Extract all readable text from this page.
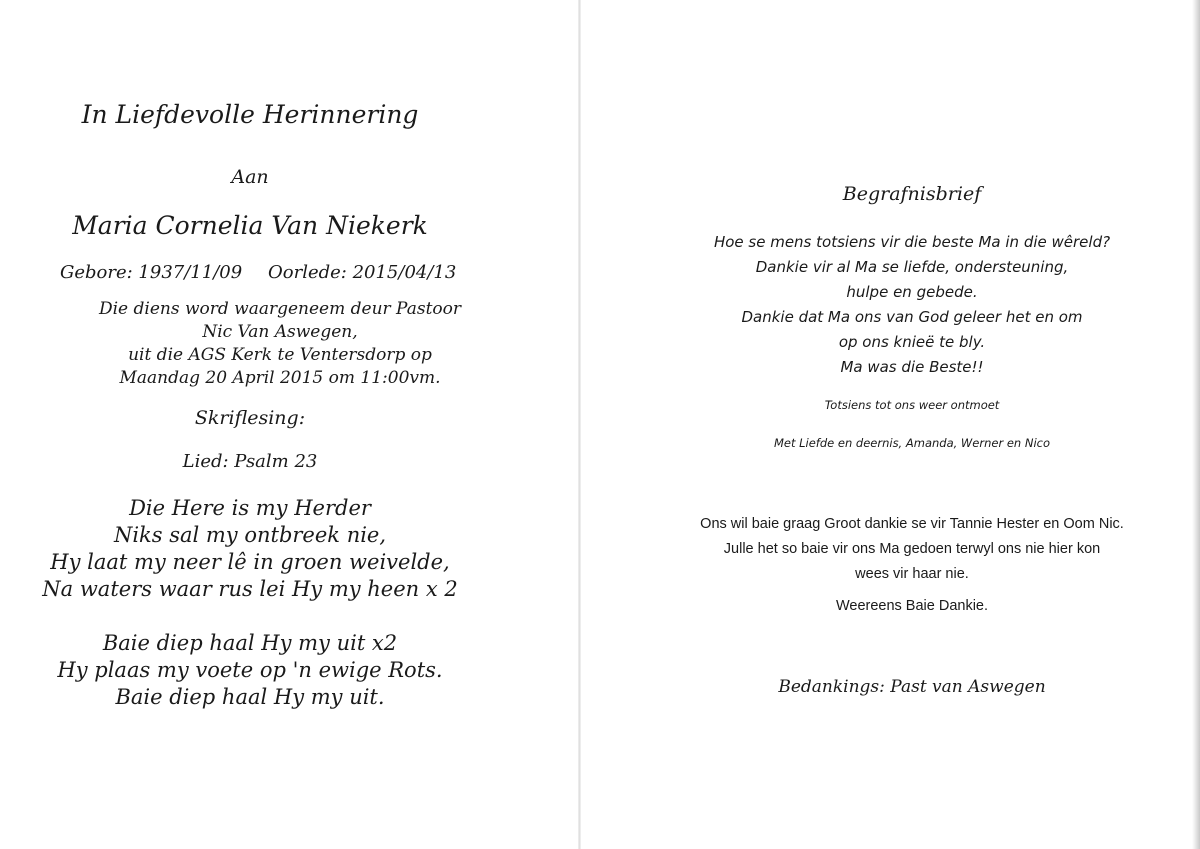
In Liefdevolle Herinnering

Aan

Maria Cornelia Van Niekerk

Gebore: 1937/11/09 Oorlede: 2015/04/13

Die diens word waargeneem deur Pastoor
Nic Van Aswegen,
uit die AGS Kerk te Ventersdorp op
Maandag 20 April 2015 om 11:00vm.

Skriflesing:

Lied: Psalm 23

Die Here is my Herder
Niks sal my ontbreek nie,
Hy laat my neer lê in groen weivelde,
Na waters waar rus lei Hy my heen x 2
Baie diep haal Hy my uit x2
Hy plaas my voete op 'n ewige Rots.
Baie diep haal Hy my uit.

Begrafnisbrief

Hoe se mens totsiens vir die beste Ma in die wêreld?
Dankie vir al Ma se liefde, ondersteuning,
hulpe en gebede.
Dankie dat Ma ons van God geleer het en om
op ons knieë te bly.
Ma was die Beste!!

Totsiens tot ons weer ontmoet

Met Liefde en deernis, Amanda, Werner en Nico

Ons wil baie graag Groot dankie se vir Tannie Hester en Oom Nic.
Julle het so baie vir ons Ma gedoen terwyl ons nie hier kon
wees vir haar nie.

Weereens Baie Dankie.

Bedankings: Past van Aswegen
